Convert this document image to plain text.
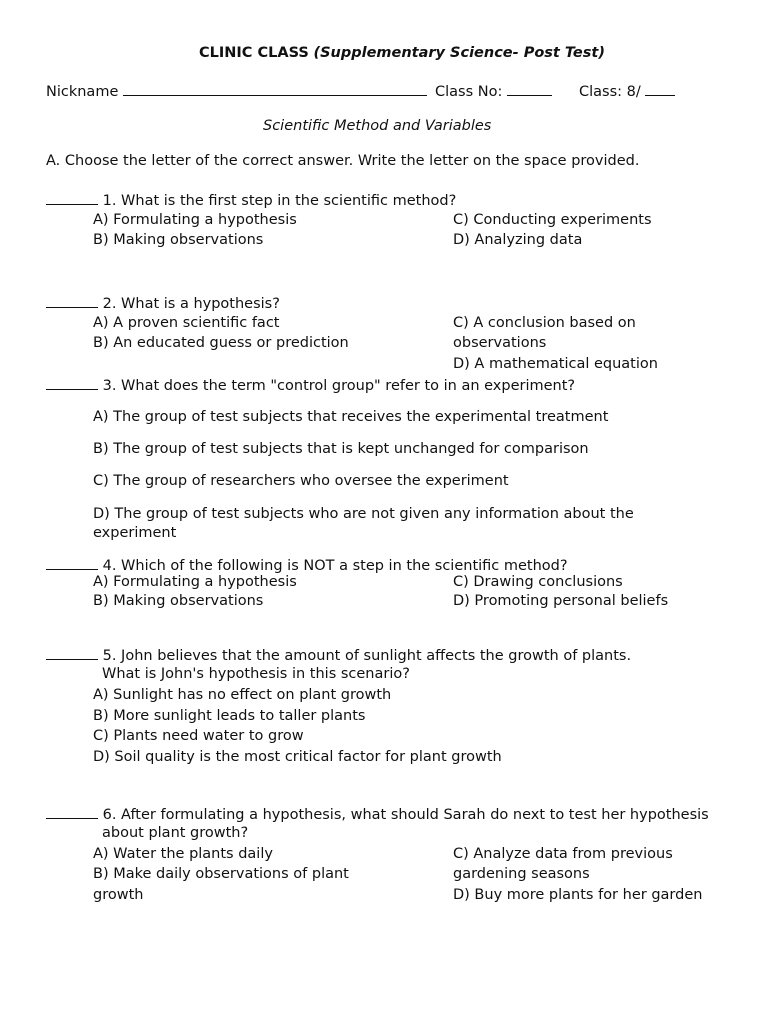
CLINIC CLASS (Supplementary Science- Post Test)
Nickname	Class No:	Class: 8/
Scientific Method and Variables
A. Choose the letter of the correct answer. Write the letter on the space provided.
1. What is the first step in the scientific method?
A) Formulating a hypothesis
B) Making observations
C) Conducting experiments
D) Analyzing data
2. What is a hypothesis?
A) A proven scientific fact
B) An educated guess or prediction
C) A conclusion based on
observations
D) A mathematical equation
3. What does the term "control group" refer to in an experiment?
A) The group of test subjects that receives the experimental treatment
B) The group of test subjects that is kept unchanged for comparison
C) The group of researchers who oversee the experiment
D) The group of test subjects who are not given any information about the
experiment
4. Which of the following is NOT a step in the scientific method?
A) Formulating a hypothesis
B) Making observations
C) Drawing conclusions
D) Promoting personal beliefs
5. John believes that the amount of sunlight affects the growth of plants.
What is John's hypothesis in this scenario?
A) Sunlight has no effect on plant growth
B) More sunlight leads to taller plants
C) Plants need water to grow
D) Soil quality is the most critical factor for plant growth
6. After formulating a hypothesis, what should Sarah do next to test her hypothesis
about plant growth?
A) Water the plants daily
B) Make daily observations of plant
growth
C) Analyze data from previous
gardening seasons
D) Buy more plants for her garden
